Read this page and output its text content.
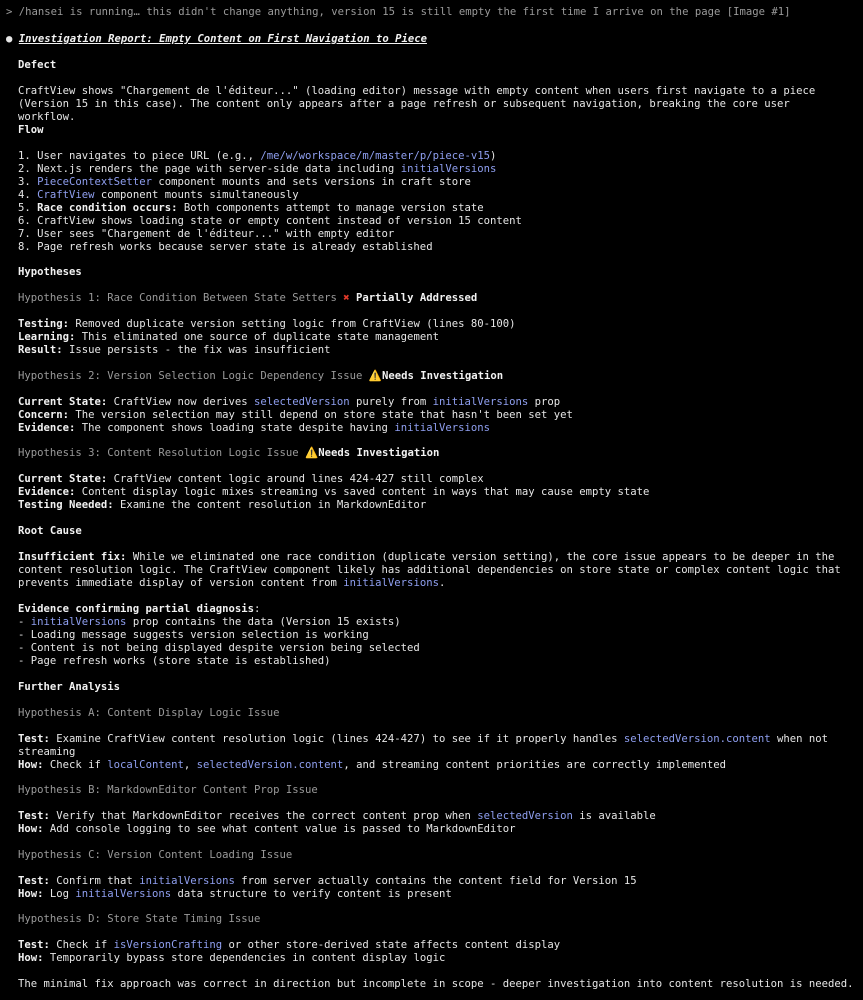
> /hansei is running… this didn't change anything, version 15 is still empty the first time I arrive on the page [Image #1]
● Investigation Report: Empty Content on First Navigation to Piece
Defect
CraftView shows "Chargement de l'éditeur..." (loading editor) message with empty content when users first navigate to a piece (Version 15 in this case). The content only appears after a page refresh or subsequent navigation, breaking the core user workflow.
Flow
1. User navigates to piece URL (e.g., /me/w/workspace/m/master/p/piece-v15)
2. Next.js renders the page with server-side data including initialVersions
3. PieceContextSetter component mounts and sets versions in craft store
4. CraftView component mounts simultaneously
5. Race condition occurs: Both components attempt to manage version state
6. CraftView shows loading state or empty content instead of version 15 content
7. User sees "Chargement de l'éditeur..." with empty editor
8. Page refresh works because server state is already established
Hypotheses
Hypothesis 1: Race Condition Between State Setters ✖ Partially Addressed
Testing: Removed duplicate version setting logic from CraftView (lines 80-100)
Learning: This eliminated one source of duplicate state management
Result: Issue persists - the fix was insufficient
Hypothesis 2: Version Selection Logic Dependency Issue ⚠️Needs Investigation
Current State: CraftView now derives selectedVersion purely from initialVersions prop
Concern: The version selection may still depend on store state that hasn't been set yet
Evidence: The component shows loading state despite having initialVersions
Hypothesis 3: Content Resolution Logic Issue ⚠️Needs Investigation
Current State: CraftView content logic around lines 424-427 still complex
Evidence: Content display logic mixes streaming vs saved content in ways that may cause empty state
Testing Needed: Examine the content resolution in MarkdownEditor
Root Cause
Insufficient fix: While we eliminated one race condition (duplicate version setting), the core issue appears to be deeper in the content resolution logic. The CraftView component likely has additional dependencies on store state or complex content logic that prevents immediate display of version content from initialVersions.
Evidence confirming partial diagnosis:
- initialVersions prop contains the data (Version 15 exists)
- Loading message suggests version selection is working
- Content is not being displayed despite version being selected
- Page refresh works (store state is established)
Further Analysis
Hypothesis A: Content Display Logic Issue
Test: Examine CraftView content resolution logic (lines 424-427) to see if it properly handles selectedVersion.content when not
streaming
How: Check if localContent, selectedVersion.content, and streaming content priorities are correctly implemented
Hypothesis B: MarkdownEditor Content Prop Issue
Test: Verify that MarkdownEditor receives the correct content prop when selectedVersion is available
How: Add console logging to see what content value is passed to MarkdownEditor
Hypothesis C: Version Content Loading Issue
Test: Confirm that initialVersions from server actually contains the content field for Version 15
How: Log initialVersions data structure to verify content is present
Hypothesis D: Store State Timing Issue
Test: Check if isVersionCrafting or other store-derived state affects content display
How: Temporarily bypass store dependencies in content display logic
The minimal fix approach was correct in direction but incomplete in scope - deeper investigation into content resolution is needed.
